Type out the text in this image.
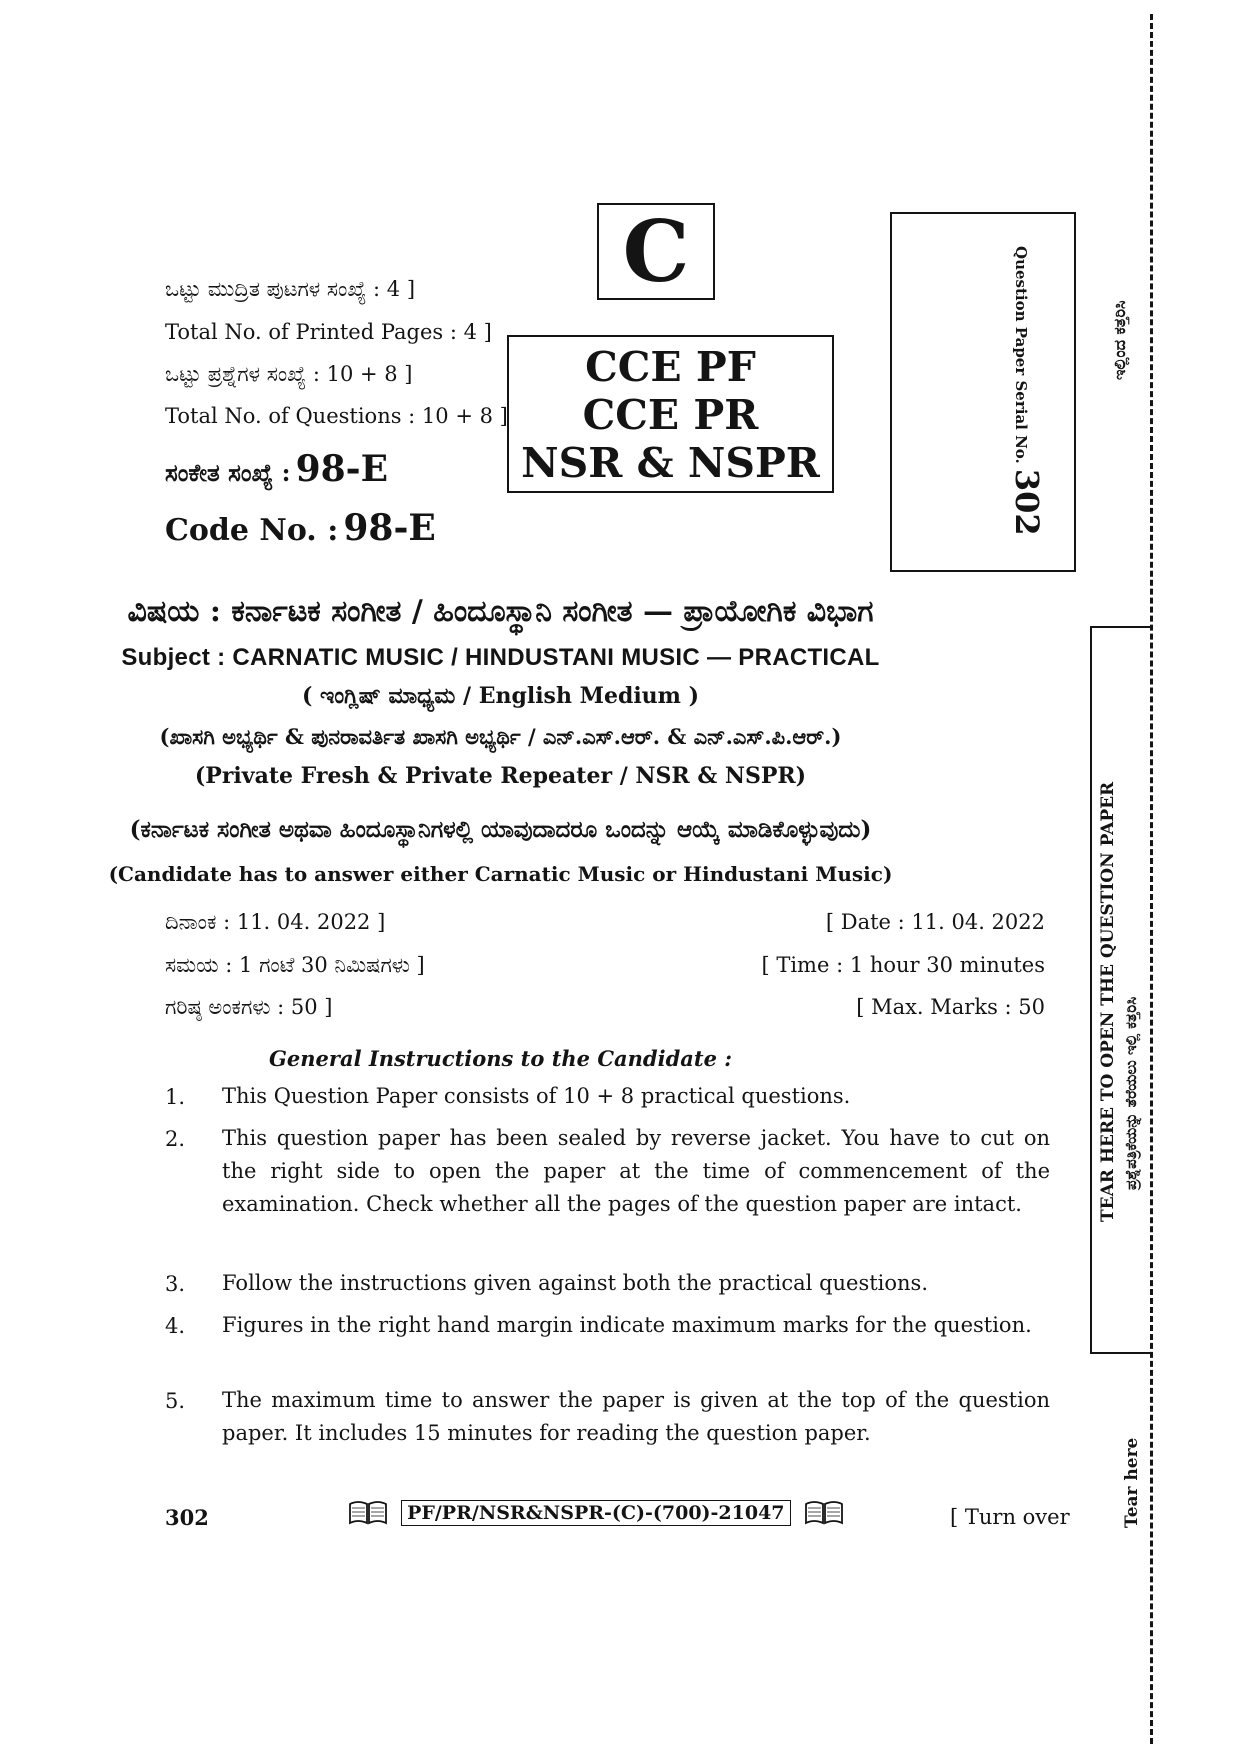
C
ಒಟ್ಟು ಮುದ್ರಿತ ಪುಟಗಳ ಸಂಖ್ಯೆ : 4 ]
Total No. of Printed Pages : 4 ]
ಒಟ್ಟು ಪ್ರಶ್ನೆಗಳ ಸಂಖ್ಯೆ : 10 + 8 ]
Total No. of Questions : 10 + 8 ]
ಸಂಕೇತ ಸಂಖ್ಯೆ : 98-E
Code No. : 98-E
CCE PF
CCE PR
NSR & NSPR	Question Paper Serial No. 302
ವಿಷಯ : ಕರ್ನಾಟಕ ಸಂಗೀತ / ಹಿಂದೂಸ್ಥಾನಿ ಸಂಗೀತ — ಪ್ರಾಯೋಗಿಕ ವಿಭಾಗ
Subject : CARNATIC MUSIC / HINDUSTANI MUSIC — PRACTICAL
( ಇಂಗ್ಲಿಷ್ ಮಾಧ್ಯಮ / English Medium )
(ಖಾಸಗಿ ಅಭ್ಯರ್ಥಿ & ಪುನರಾವರ್ತಿತ ಖಾಸಗಿ ಅಭ್ಯರ್ಥಿ / ಎನ್.ಎಸ್.ಆರ್. & ಎನ್.ಎಸ್.ಪಿ.ಆರ್.)
(Private Fresh & Private Repeater / NSR & NSPR)
(ಕರ್ನಾಟಕ ಸಂಗೀತ ಅಥವಾ ಹಿಂದೂಸ್ಥಾನಿಗಳಲ್ಲಿ ಯಾವುದಾದರೂ ಒಂದನ್ನು ಆಯ್ಕೆ ಮಾಡಿಕೊಳ್ಳುವುದು)
(Candidate has to answer either Carnatic Music or Hindustani Music)
ದಿನಾಂಕ : 11. 04. 2022 ]	[ Date : 11. 04. 2022
ಸಮಯ : 1 ಗಂಟೆ 30 ನಿಮಿಷಗಳು ]	[ Time : 1 hour 30 minutes
ಗರಿಷ್ಠ ಅಂಕಗಳು : 50 ]	[ Max. Marks : 50
General Instructions to the Candidate :
1. This Question Paper consists of 10 + 8 practical questions.
2. This question paper has been sealed by reverse jacket. You have to cut on the right side to open the paper at the time of commencement of the examination. Check whether all the pages of the question paper are intact.
3. Follow the instructions given against both the practical questions.
4. Figures in the right hand margin indicate maximum marks for the question.
5. The maximum time to answer the paper is given at the top of the question paper. It includes 15 minutes for reading the question paper.
302	PF/PR/NSR&NSPR-(C)-(700)-21047	[ Turn over
ಇಲ್ಲಿಂದ ಕತ್ತರಿಸಿ
TEAR HERE TO OPEN THE QUESTION PAPER ಪ್ರಶ್ನೆಪತ್ರಿಕೆಯನ್ನು ತೆರೆಯಲು ಇಲ್ಲಿ ಕತ್ತರಿಸಿ
Tear here
